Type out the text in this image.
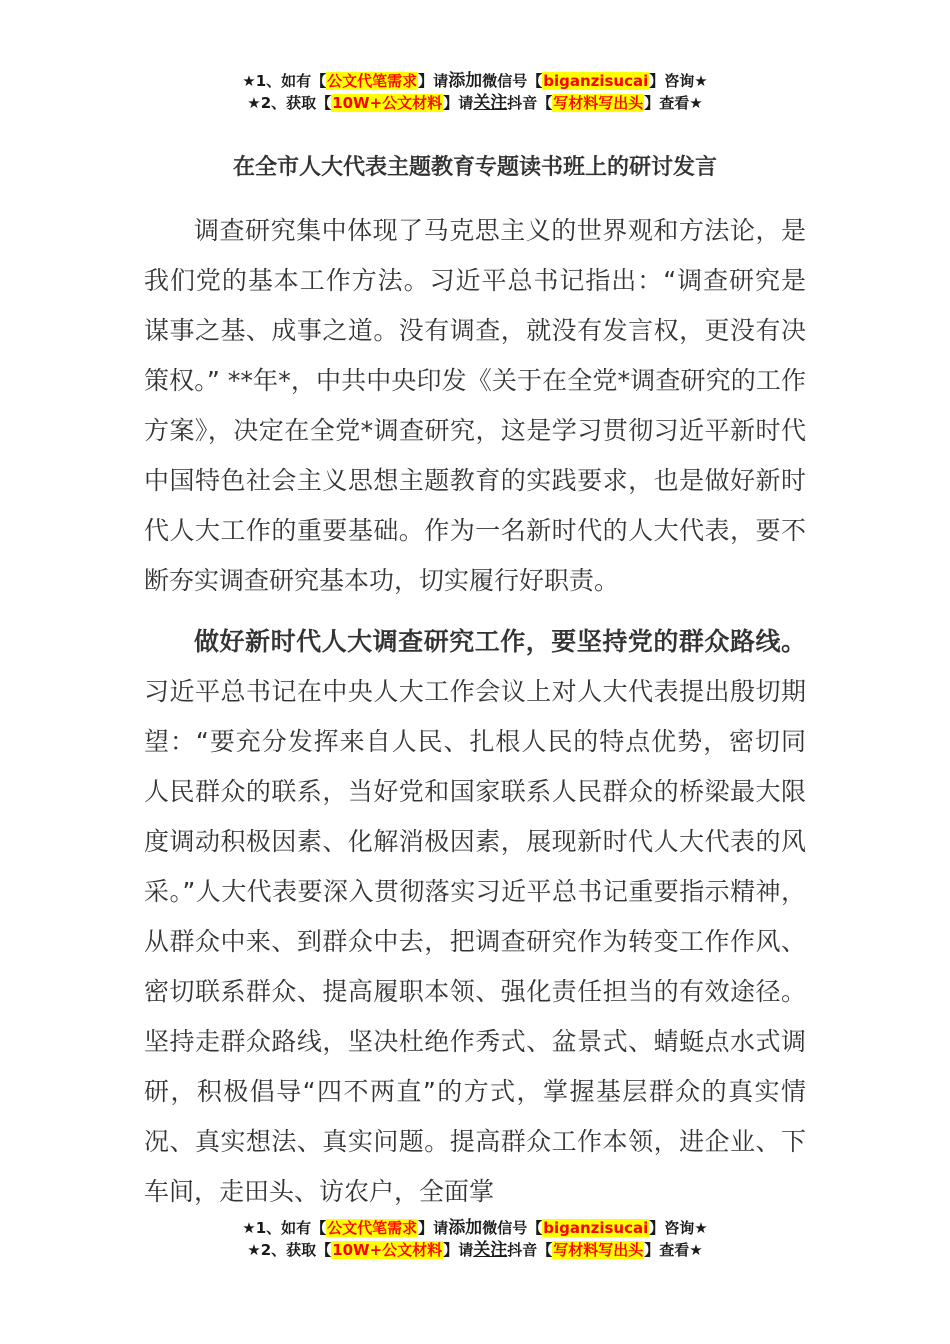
★1、如有【公文代笔需求】请添加微信号【biganzisucai】咨询★
★2、获取【10W+公文材料】请关注抖音【写材料写出头】查看★
在全市人大代表主题教育专题读书班上的研讨发言

调查研究集中体现了马克思主义的世界观和方法论，是我们党的基本工作方法。习近平总书记指出：“调查研究是谋事之基、成事之道。没有调查，就没有发言权，更没有决策权。” **年*，中共中央印发《关于在全党*调查研究的工作方案》，决定在全党*调查研究，这是学习贯彻习近平新时代中国特色社会主义思想主题教育的实践要求，也是做好新时代人大工作的重要基础。作为一名新时代的人大代表，要不断夯实调查研究基本功，切实履行好职责。

做好新时代人大调查研究工作，要坚持党的群众路线。习近平总书记在中央人大工作会议上对人大代表提出殷切期望：“要充分发挥来自人民、扎根人民的特点优势，密切同人民群众的联系，当好党和国家联系人民群众的桥梁最大限度调动积极因素、化解消极因素，展现新时代人大代表的风采。”人大代表要深入贯彻落实习近平总书记重要指示精神，从群众中来、到群众中去，把调查研究作为转变工作作风、密切联系群众、提高履职本领、强化责任担当的有效途径。坚持走群众路线，坚决杜绝作秀式、盆景式、蜻蜓点水式调研，积极倡导“四不两直”的方式，掌握基层群众的真实情况、真实想法、真实问题。提高群众工作本领，进企业、下车间，走田头、访农户，全面掌

★1、如有【公文代笔需求】请添加微信号【biganzisucai】咨询★
★2、获取【10W+公文材料】请关注抖音【写材料写出头】查看★
